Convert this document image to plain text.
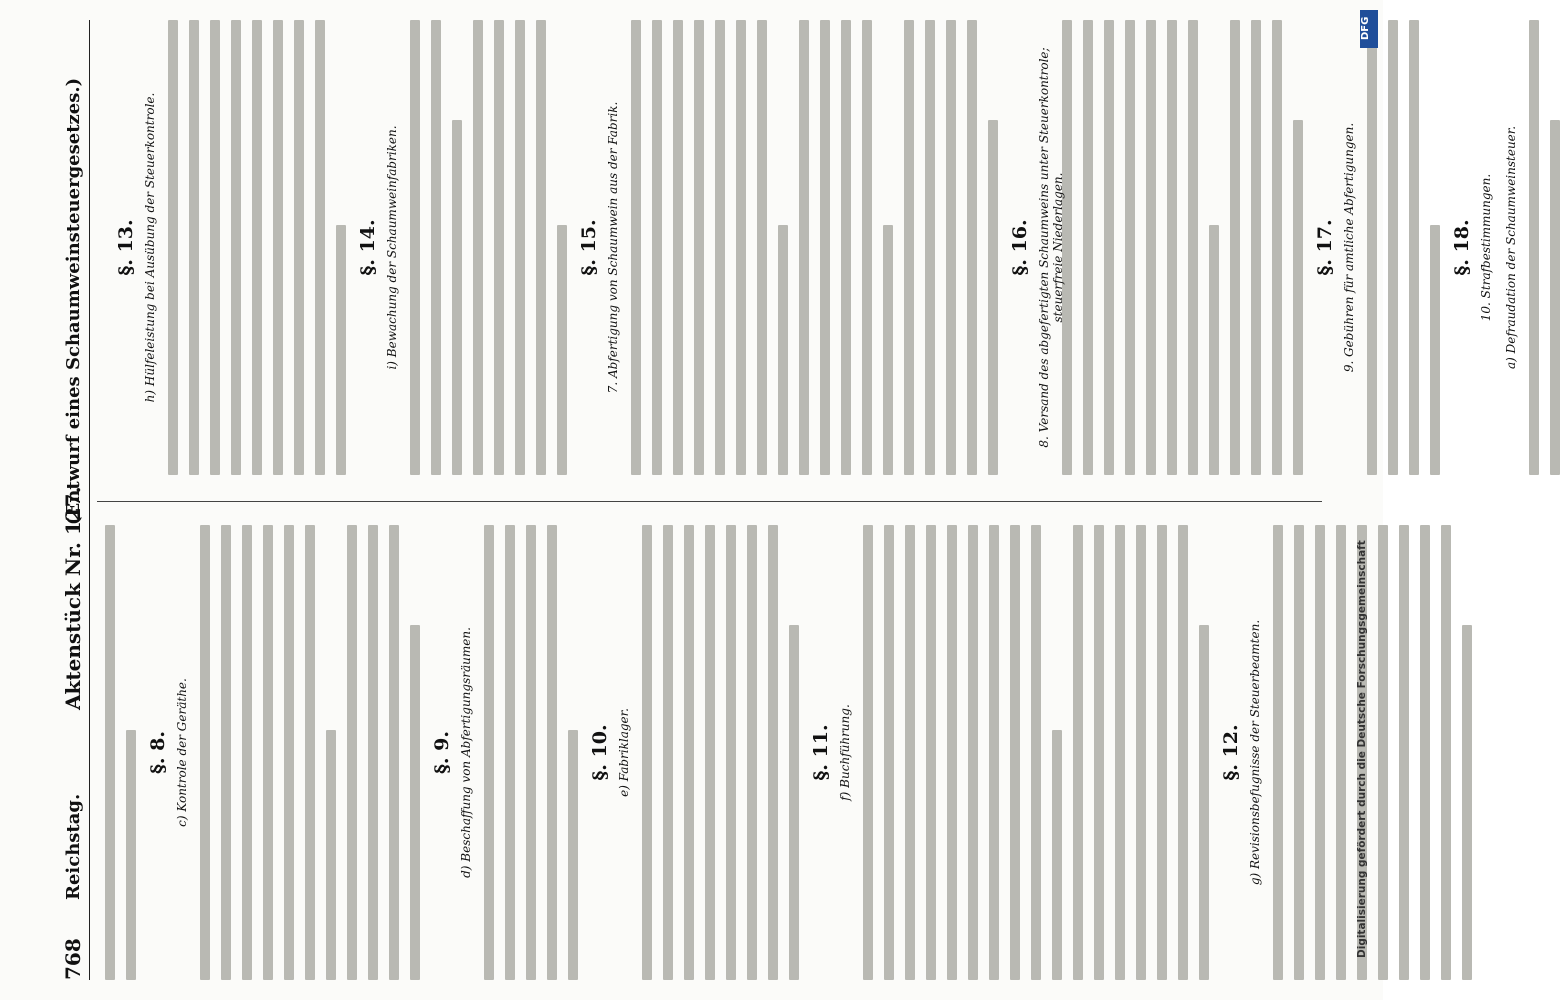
768
Reichstag.
Aktenstück Nr. 127.
(Entwurf eines Schaumweinsteuergesetzes.)
§. 8. c) Kontrole der Geräthe.	§. 9. d) Beschaffung von Abfertigungsräumen.	§. 10. e) Fabriklager.	§. 11. f) Buchführung.	§. 12. g) Revisionsbefugnisse der Steuerbeamten.
§. 13. h) Hülfeleistung bei Ausübung der Steuerkontrole.	§. 14. i) Bewachung der Schaumweinfabriken.	§. 15. 7. Abfertigung von Schaumwein aus der Fabrik.	§. 16. 8. Versand des abgefertigten Schaumweins unter Steuerkontrole; steuerfreie Niederlagen.	§. 17. 9. Gebühren für amtliche Abfertigungen.	§. 18. 10. Strafbestimmungen. a) Defraudation der Schaumweinsteuer.
DFG
Digitalisierung gefördert durch die Deutsche Forschungsgemeinschaft
